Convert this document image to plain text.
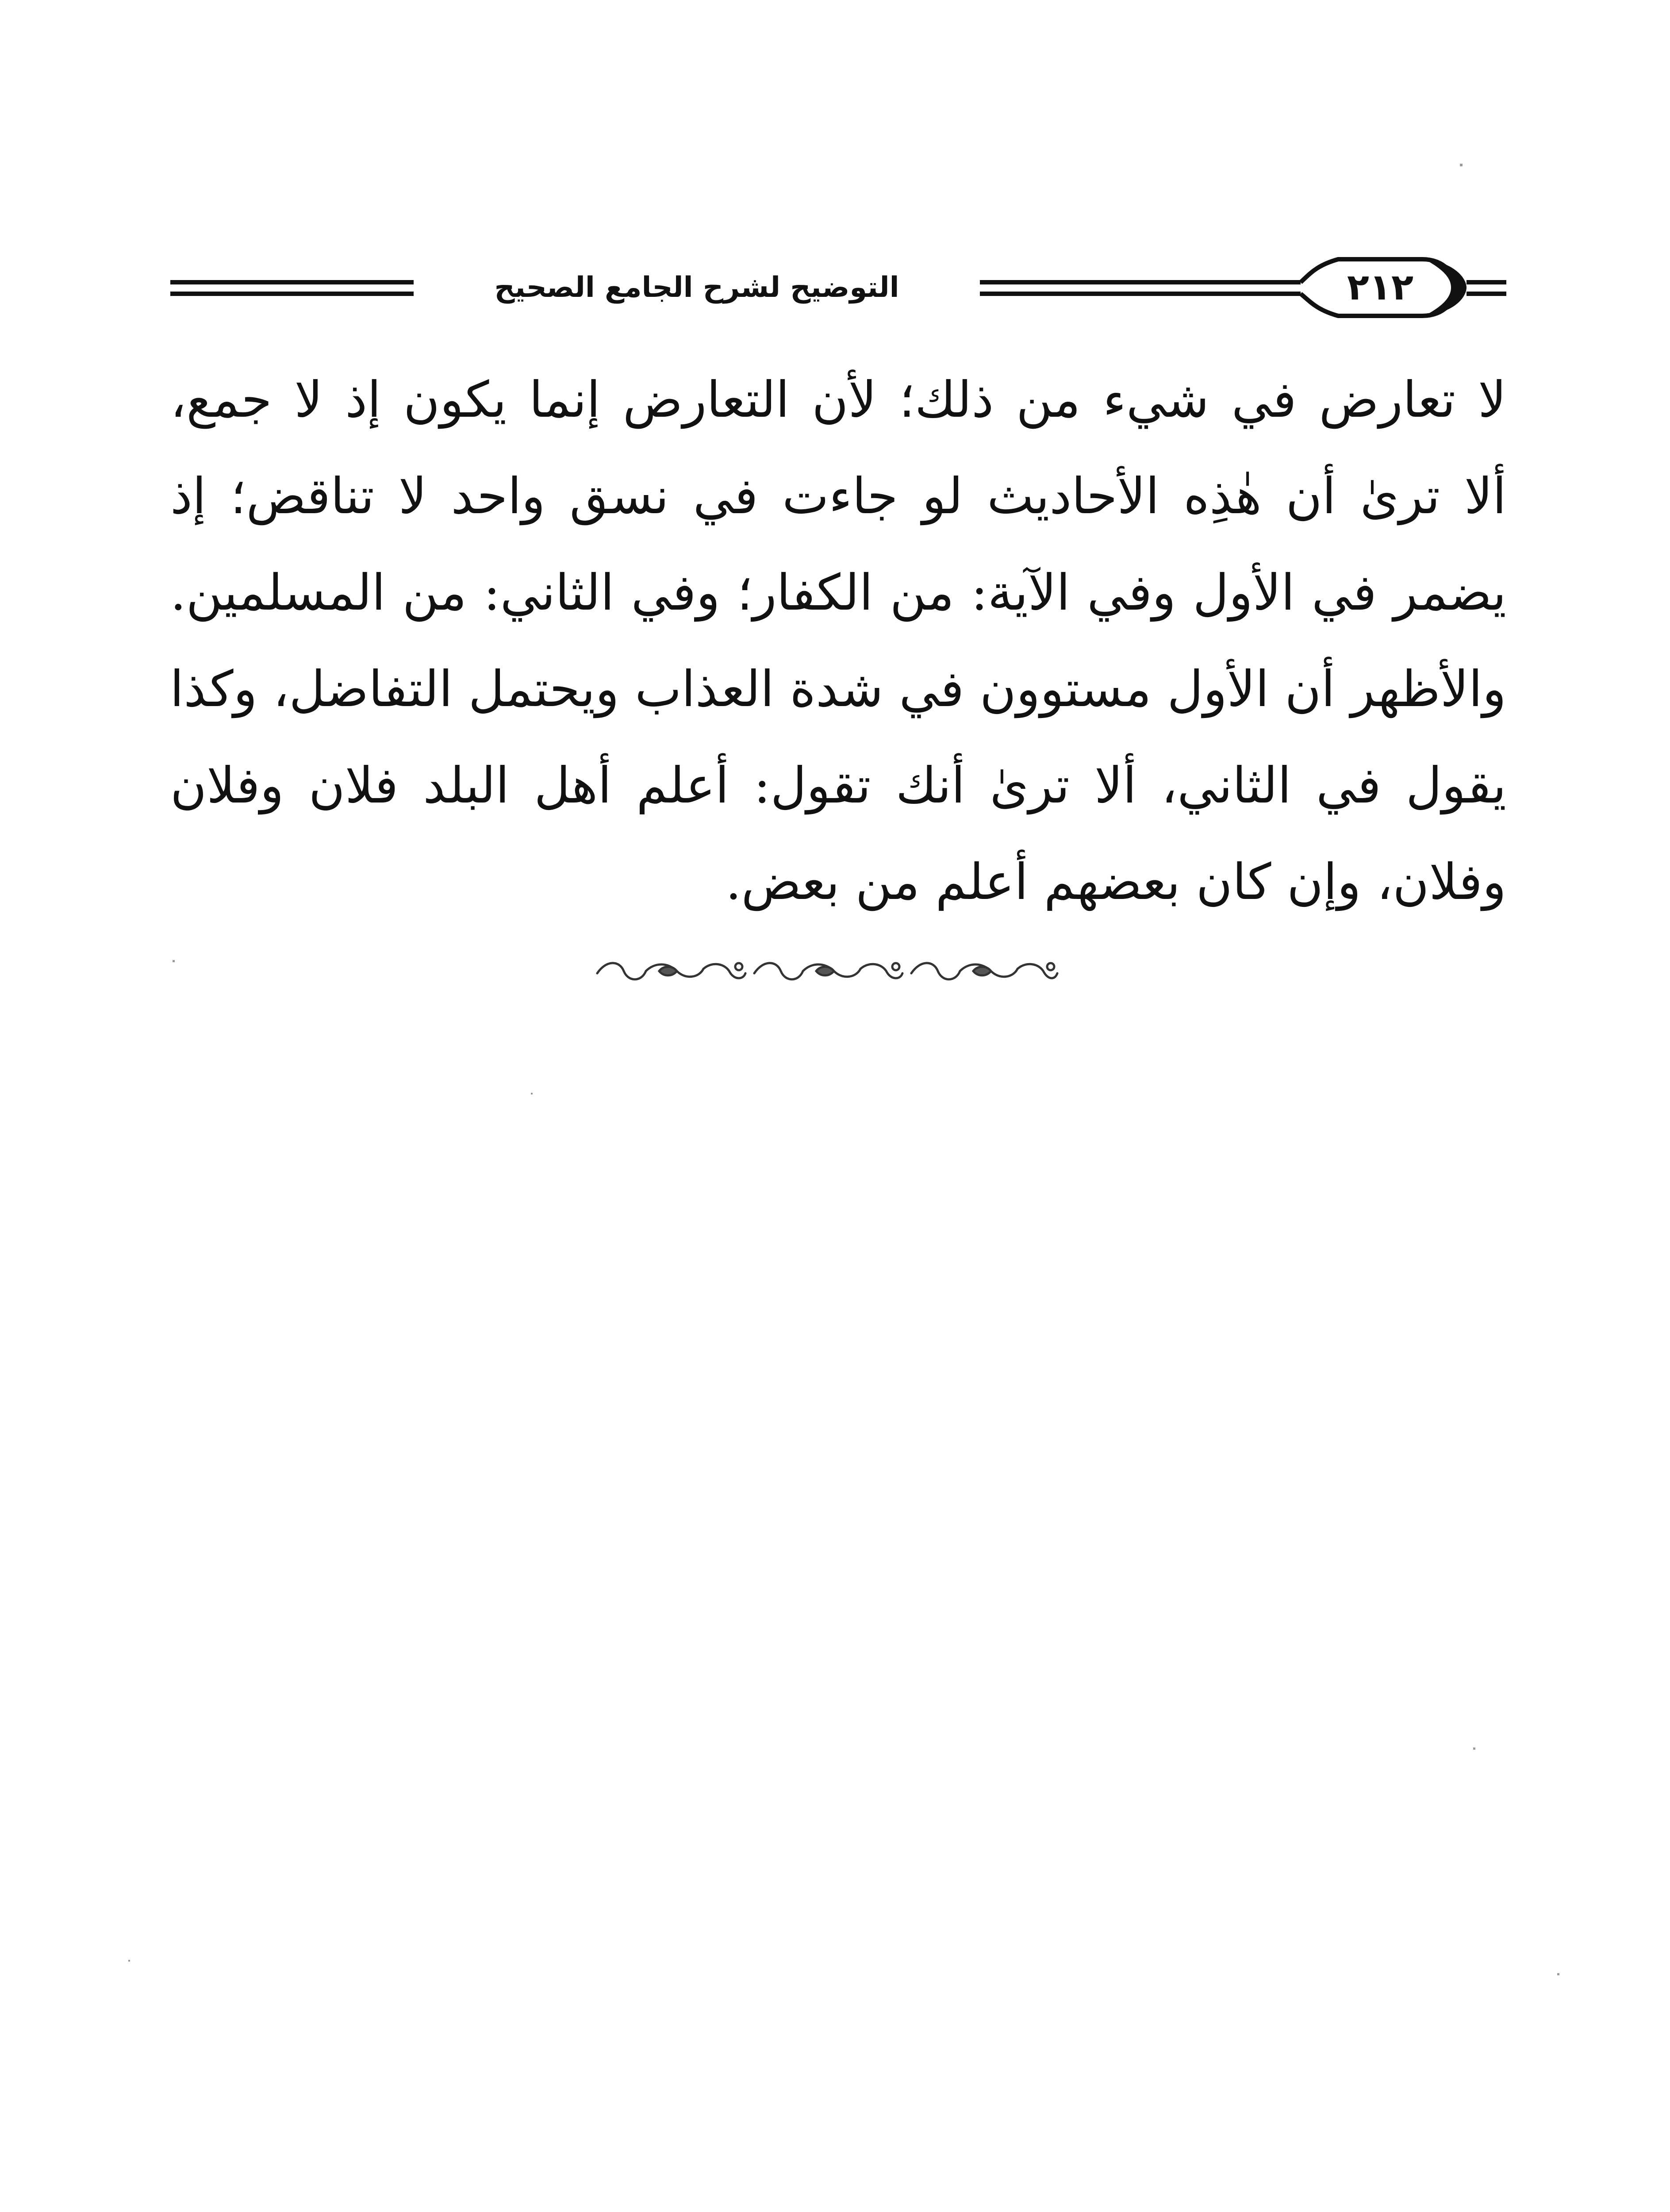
التوضيح لشرح الجامع الصحيح	٢١٢
لا تعارض في شيء من ذلك؛ لأن التعارض إنما يكون إذ لا جمع،
ألا ترىٰ أن هٰذِه الأحاديث لو جاءت في نسق واحد لا تناقض؛ إذ
يضمر في الأول وفي الآية: من الكفار؛ وفي الثاني: من المسلمين.
والأظهر أن الأول مستوون في شدة العذاب ويحتمل التفاضل، وكذا
يقول في الثاني، ألا ترىٰ أنك تقول: أعلم أهل البلد فلان وفلان
وفلان، وإن كان بعضهم أعلم من بعض.
